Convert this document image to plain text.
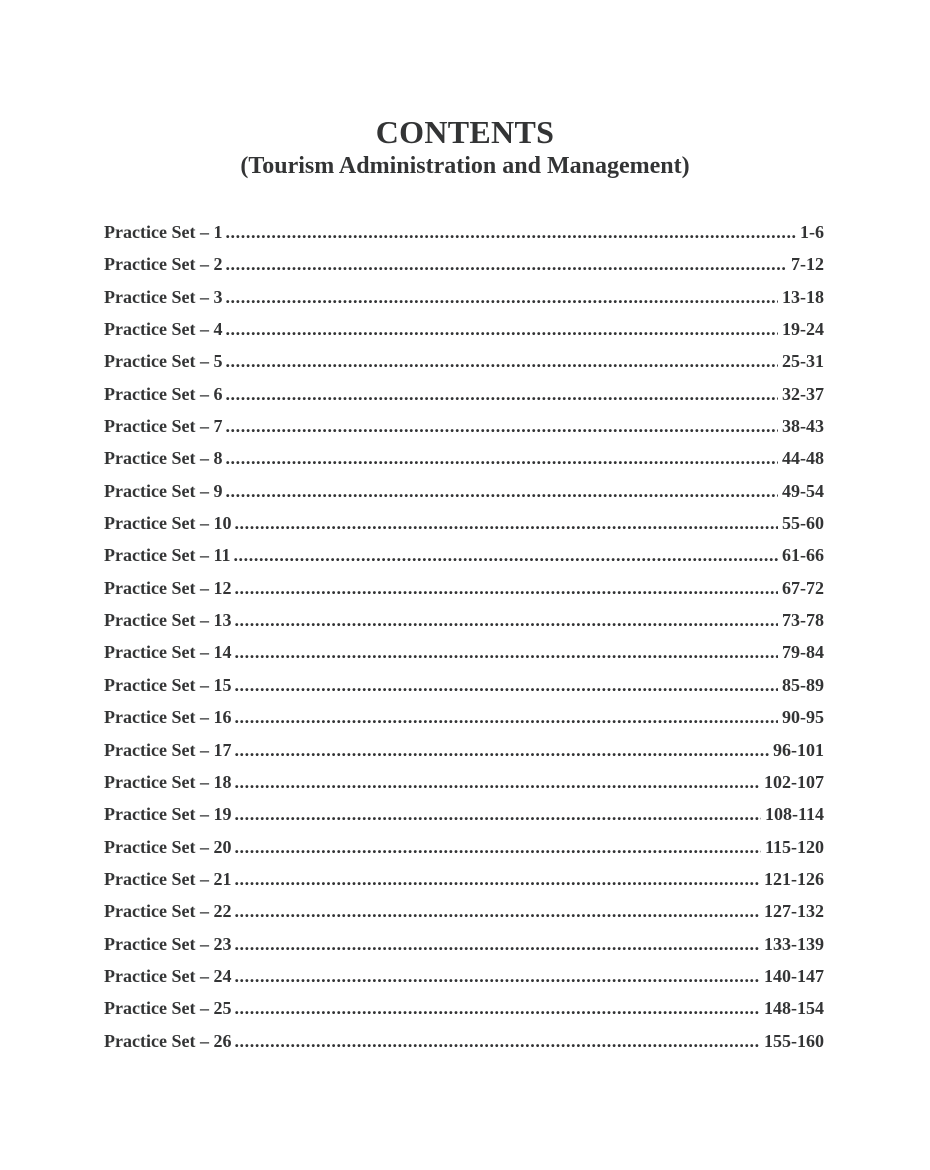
CONTENTS
(Tourism Administration and Management)
Practice Set – 1 .....	1-6
Practice Set – 2 .....	7-12
Practice Set – 3 .....	13-18
Practice Set – 4 .....	19-24
Practice Set – 5 .....	25-31
Practice Set – 6 .....	32-37
Practice Set – 7 .....	38-43
Practice Set – 8 .....	44-48
Practice Set – 9 .....	49-54
Practice Set – 10 .....	55-60
Practice Set – 11 .....	61-66
Practice Set – 12 .....	67-72
Practice Set – 13 .....	73-78
Practice Set – 14 .....	79-84
Practice Set – 15 .....	85-89
Practice Set – 16 .....	90-95
Practice Set – 17 .....	96-101
Practice Set – 18 .....	102-107
Practice Set – 19 .....	108-114
Practice Set – 20 .....	115-120
Practice Set – 21 .....	121-126
Practice Set – 22 .....	127-132
Practice Set – 23 .....	133-139
Practice Set – 24 .....	140-147
Practice Set – 25 .....	148-154
Practice Set – 26 .....	155-160
